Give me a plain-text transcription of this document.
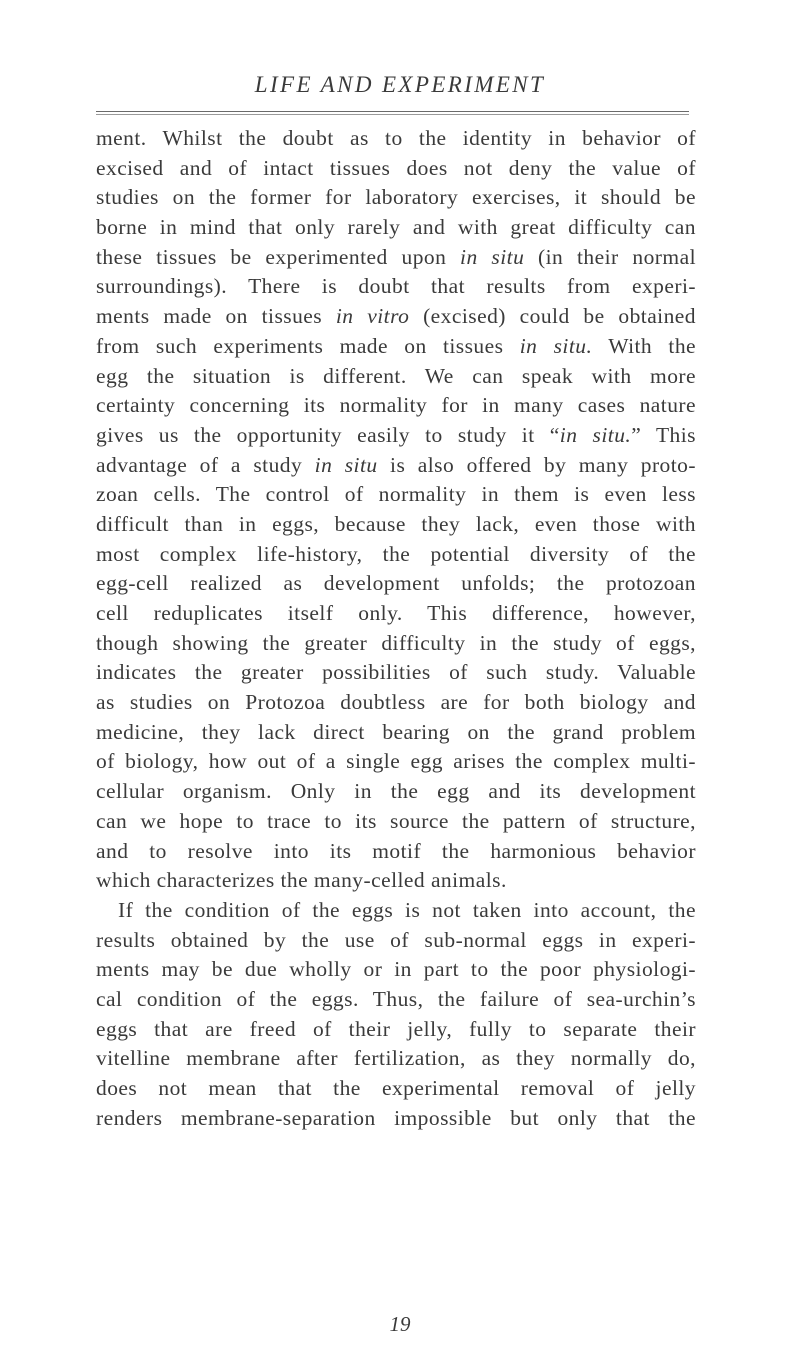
LIFE AND EXPERIMENT
ment. Whilst the doubt as to the identity in behavior of
excised and of intact tissues does not deny the value of
studies on the former for laboratory exercises, it should be
borne in mind that only rarely and with great difficulty can
these tissues be experimented upon in situ (in their normal
surroundings). There is doubt that results from experi-
ments made on tissues in vitro (excised) could be obtained
from such experiments made on tissues in situ. With the
egg the situation is different. We can speak with more
certainty concerning its normality for in many cases nature
gives us the opportunity easily to study it “in situ.” This
advantage of a study in situ is also offered by many proto-
zoan cells. The control of normality in them is even less
difficult than in eggs, because they lack, even those with
most complex life-history, the potential diversity of the
egg-cell realized as development unfolds; the protozoan
cell reduplicates itself only. This difference, however,
though showing the greater difficulty in the study of eggs,
indicates the greater possibilities of such study. Valuable
as studies on Protozoa doubtless are for both biology and
medicine, they lack direct bearing on the grand problem
of biology, how out of a single egg arises the complex multi-
cellular organism. Only in the egg and its development
can we hope to trace to its source the pattern of structure,
and to resolve into its motif the harmonious behavior
which characterizes the many-celled animals.
If the condition of the eggs is not taken into account, the
results obtained by the use of sub-normal eggs in experi-
ments may be due wholly or in part to the poor physiologi-
cal condition of the eggs. Thus, the failure of sea-urchin’s
eggs that are freed of their jelly, fully to separate their
vitelline membrane after fertilization, as they normally do,
does not mean that the experimental removal of jelly
renders membrane-separation impossible but only that the
19
